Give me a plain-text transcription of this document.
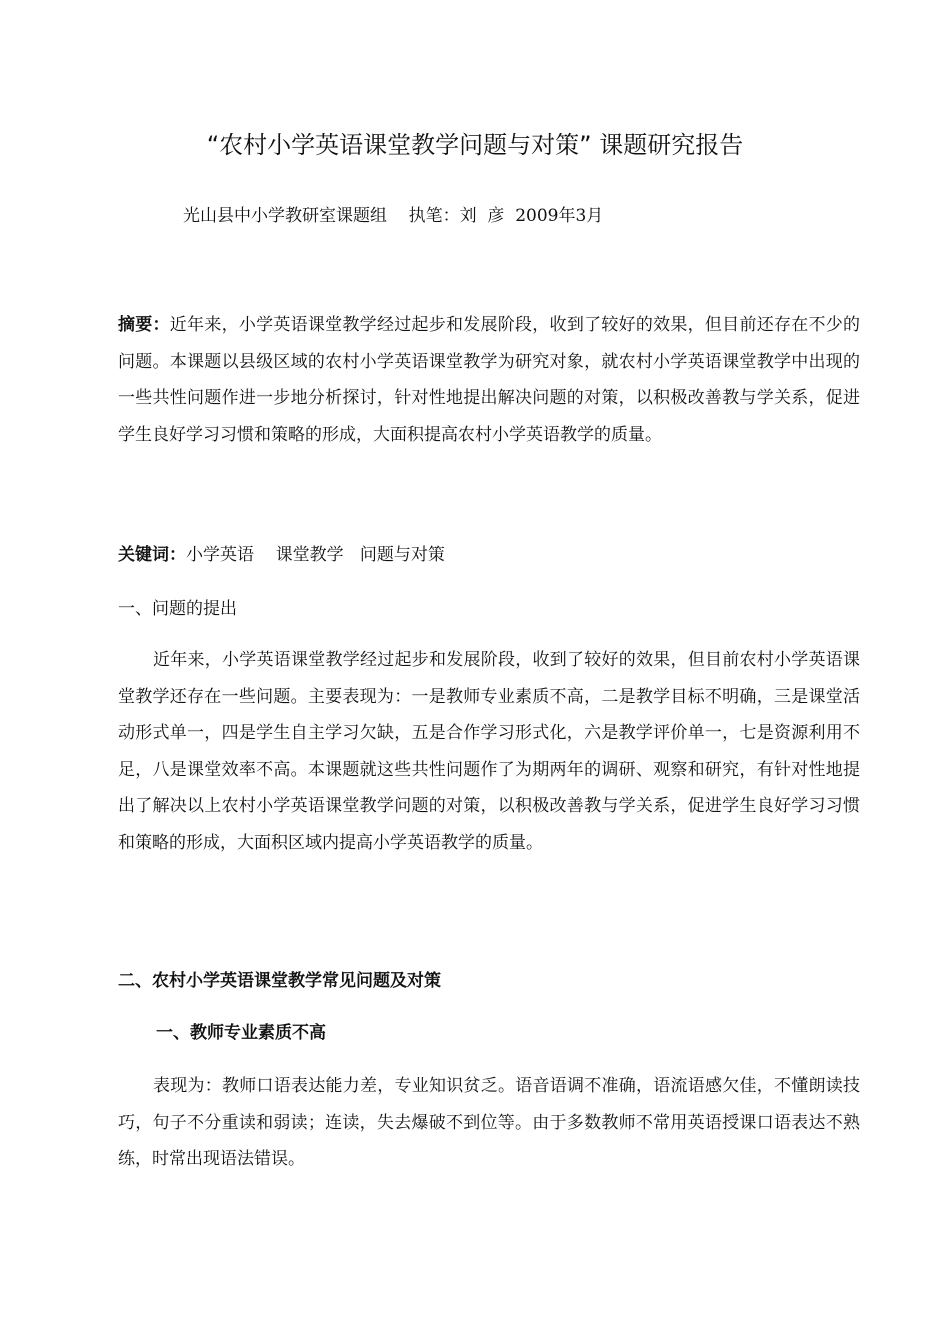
“农村小学英语课堂教学问题与对策” 课题研究报告
光山县中小学教研室课题组    执笔：刘  彦  2009年3月
摘要：近年来，小学英语课堂教学经过起步和发展阶段，收到了较好的效果，但目前还存在不少的问题。本课题以县级区域的农村小学英语课堂教学为研究对象，就农村小学英语课堂教学中出现的一些共性问题作进一步地分析探讨，针对性地提出解决问题的对策，以积极改善教与学关系，促进学生良好学习习惯和策略的形成，大面积提高农村小学英语教学的质量。
关键词：小学英语    课堂教学   问题与对策
一、问题的提出
近年来，小学英语课堂教学经过起步和发展阶段，收到了较好的效果，但目前农村小学英语课堂教学还存在一些问题。主要表现为：一是教师专业素质不高，二是教学目标不明确，三是课堂活动形式单一，四是学生自主学习欠缺，五是合作学习形式化，六是教学评价单一，七是资源利用不足，八是课堂效率不高。本课题就这些共性问题作了为期两年的调研、观察和研究，有针对性地提出了解决以上农村小学英语课堂教学问题的对策，以积极改善教与学关系，促进学生良好学习习惯和策略的形成，大面积区域内提高小学英语教学的质量。
二、农村小学英语课堂教学常见问题及对策
一、教师专业素质不高
表现为：教师口语表达能力差，专业知识贫乏。语音语调不准确，语流语感欠佳，不懂朗读技巧，句子不分重读和弱读；连读，失去爆破不到位等。由于多数教师不常用英语授课口语表达不熟练，时常出现语法错误。
